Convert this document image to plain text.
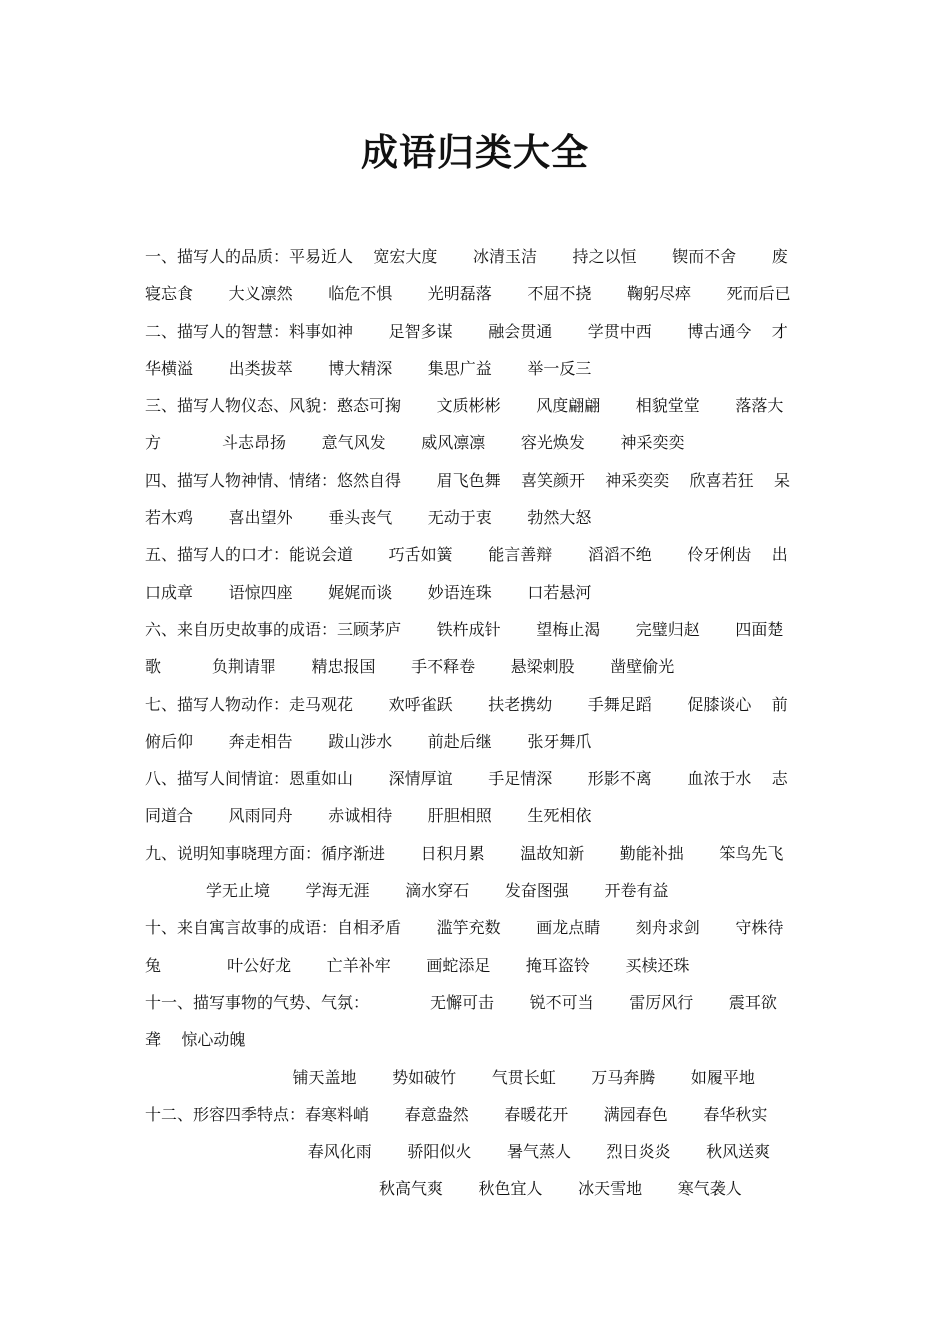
成语归类大全
一、描写人的品质：平易近人    宽宏大度       冰清玉洁       持之以恒       锲而不舍       废
寝忘食       大义凛然       临危不惧       光明磊落       不屈不挠       鞠躬尽瘁       死而后已
二、描写人的智慧：料事如神       足智多谋       融会贯通       学贯中西       博古通今    才
华横溢       出类拔萃       博大精深       集思广益       举一反三
三、描写人物仪态、风貌：憨态可掬       文质彬彬       风度翩翩       相貌堂堂       落落大
方            斗志昂扬       意气风发       威风凛凛       容光焕发       神采奕奕
四、描写人物神情、情绪：悠然自得       眉飞色舞    喜笑颜开    神采奕奕    欣喜若狂    呆
若木鸡       喜出望外       垂头丧气       无动于衷       勃然大怒
五、描写人的口才：能说会道       巧舌如簧       能言善辩       滔滔不绝       伶牙俐齿    出
口成章       语惊四座       娓娓而谈       妙语连珠       口若悬河
六、来自历史故事的成语：三顾茅庐       铁杵成针       望梅止渴       完璧归赵       四面楚
歌          负荆请罪       精忠报国       手不释卷       悬梁刺股       凿壁偷光
七、描写人物动作：走马观花       欢呼雀跃       扶老携幼       手舞足蹈       促膝谈心    前
俯后仰       奔走相告       跋山涉水       前赴后继       张牙舞爪
八、描写人间情谊：恩重如山       深情厚谊       手足情深       形影不离       血浓于水    志
同道合       风雨同舟       赤诚相待       肝胆相照       生死相依
九、说明知事晓理方面：循序渐进       日积月累       温故知新       勤能补拙       笨鸟先飞
学无止境       学海无涯       滴水穿石       发奋图强       开卷有益
十、来自寓言故事的成语：自相矛盾       滥竽充数       画龙点睛       刻舟求剑       守株待
兔             叶公好龙       亡羊补牢       画蛇添足       掩耳盗铃       买椟还珠
十一、描写事物的气势、气氛：            无懈可击       锐不可当       雷厉风行       震耳欲
聋    惊心动魄
铺天盖地       势如破竹       气贯长虹       万马奔腾       如履平地
十二、形容四季特点：春寒料峭       春意盎然       春暖花开       满园春色       春华秋实
春风化雨       骄阳似火       暑气蒸人       烈日炎炎       秋风送爽
秋高气爽       秋色宜人       冰天雪地       寒气袭人
